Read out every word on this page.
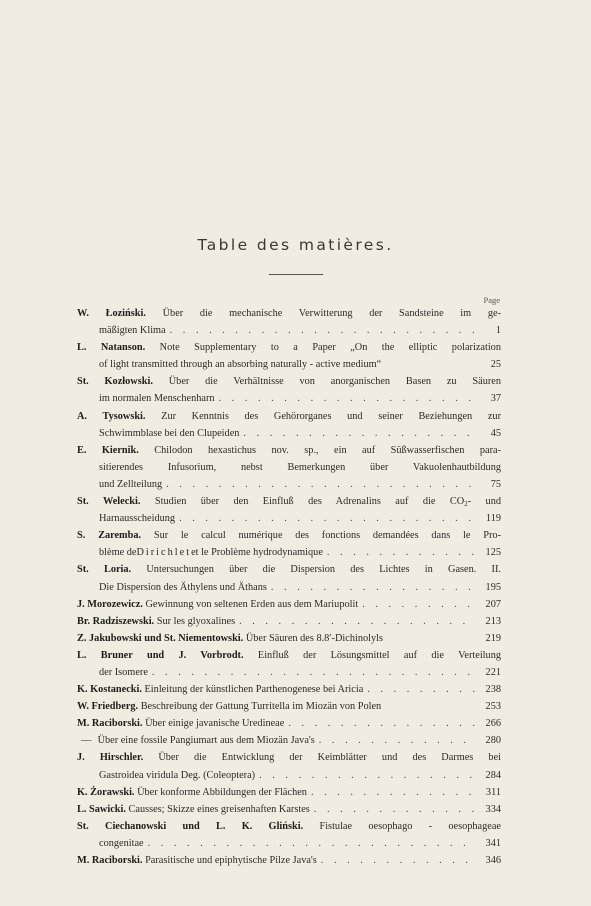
Table des matières.
Page
W. Łoziński. Über die mechanische Verwitterung der Sandsteine im ge-
mäßigten Klima . . .	1
L. Natanson. Note Supplementary to a Paper „On the elliptic polarization
of light transmitted through an absorbing naturally - active medium“	25
St. Kozłowski. Über die Verhältnisse von anorganischen Basen zu Säuren
im normalen Menschenharn . . .	37
A. Tysowski. Zur Kenntnis des Gehörorganes und seiner Beziehungen zur
Schwimmblase bei den Clupeiden . . .	45
E. Kiernik. Chilodon hexastichus nov. sp., ein auf Süßwasserfischen para-
sitierendes Infusorium, nebst Bemerkungen über Vakuolenhautbildung
und Zellteilung . . .	75
St. Welecki. Studien über den Einfluß des Adrenalins auf die $CO_2-$ und
Harnausscheidung . . .	119
S. Zaremba. Sur le calcul numérique des fonctions demandées dans le Pro-
blème de Dirichlet et le Problème hydrodynamique . . .	125
St. Loria. Untersuchungen über die Dispersion des Lichtes in Gasen. II.
Die Dispersion des Äthylens und Äthans . . .	195
J. Morozewicz.
Gewinnung von seltenen Erden aus dem Mariupolit . . .	207
Br. Radziszewski.
Sur les glyoxalines . . .	213
Z. Jakubowski und St. Niementowski.
Über Säuren des 8.8′-Dichinolyls	219
L. Bruner und J. Vorbrodt. Einfluß der Lösungsmittel auf die Verteilung
der Isomere . . .	221
K. Kostanecki.
Einleitung der künstlichen Parthenogenese bei Aricia . . .	238
W. Friedberg.
Beschreibung der Gattung Turritella im Miozän von Polen	253
M. Raciborski.
Über einige javanische Uredineae . . .	266
—
Über eine fossile Pangiumart aus dem Miozän Java's . . .	280
J. Hirschler. Über die Entwicklung der Keimblätter und des Darmes bei
Gastroidea viridula Deg. (Coleoptera) . . .	284
K. Żorawski.
Über konforme Abbildungen der Flächen . . .	311
L. Sawicki.
Causses; Skizze eines greisenhaften Karstes . . .	334
St. Ciechanowski und L. K. Gliński. Fistulae oesophago - oesophageae
congenitae . . .	341
M. Raciborski.
Parasitische und epiphytische Pilze Java's . . .	346
